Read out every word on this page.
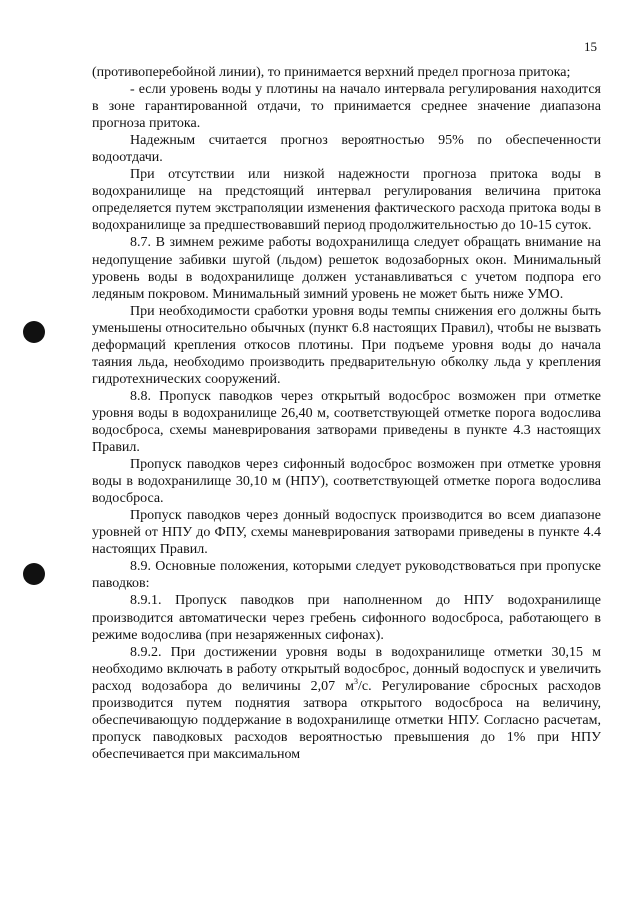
15

(противоперебойной линии), то принимается верхний предел прогноза притока;

- если уровень воды у плотины на начало интервала регулирования находится в зоне гарантированной отдачи, то принимается среднее значение диапазона прогноза притока.

Надежным считается прогноз вероятностью 95% по обеспеченности водоотдачи.

При отсутствии или низкой надежности прогноза притока воды в водохранилище на предстоящий интервал регулирования величина притока определяется путем экстраполяции изменения фактического расхода притока воды в водохранилище за предшествовавший период продолжительностью до 10-15 суток.

8.7. В зимнем режиме работы водохранилища следует обращать внимание на недопущение забивки шугой (льдом) решеток водозаборных окон. Минимальный уровень воды в водохранилище должен устанавливаться с учетом подпора его ледяным покровом. Минимальный зимний уровень не может быть ниже УМО.

При необходимости сработки уровня воды темпы снижения его должны быть уменьшены относительно обычных (пункт 6.8 настоящих Правил), чтобы не вызвать деформаций крепления откосов плотины. При подъеме уровня воды до начала таяния льда, необходимо производить предварительную обколку льда у крепления гидротехнических сооружений.

8.8. Пропуск паводков через открытый водосброс возможен при отметке уровня воды в водохранилище 26,40 м, соответствующей отметке порога водослива водосброса, схемы маневрирования затворами приведены в пункте 4.3 настоящих Правил.

Пропуск паводков через сифонный водосброс возможен при отметке уровня воды в водохранилище 30,10 м (НПУ), соответствующей отметке порога водослива водосброса.

Пропуск паводков через донный водоспуск производится во всем диапазоне уровней от НПУ до ФПУ, схемы маневрирования затворами приведены в пункте 4.4 настоящих Правил.

8.9. Основные положения, которыми следует руководствоваться при пропуске паводков:

8.9.1. Пропуск паводков при наполненном до НПУ водохранилище производится автоматически через гребень сифонного водосброса, работающего в режиме водослива (при незаряженных сифонах).

8.9.2. При достижении уровня воды в водохранилище отметки 30,15 м необходимо включать в работу открытый водосброс, донный водоспуск и увеличить расход водозабора до величины 2,07 $м^3/с$. Регулирование сбросных расходов производится путем поднятия затвора открытого водосброса на величину, обеспечивающую поддержание в водохранилище отметки НПУ. Согласно расчетам, пропуск паводковых расходов вероятностью превышения до 1% при НПУ обеспечивается при максимальном
